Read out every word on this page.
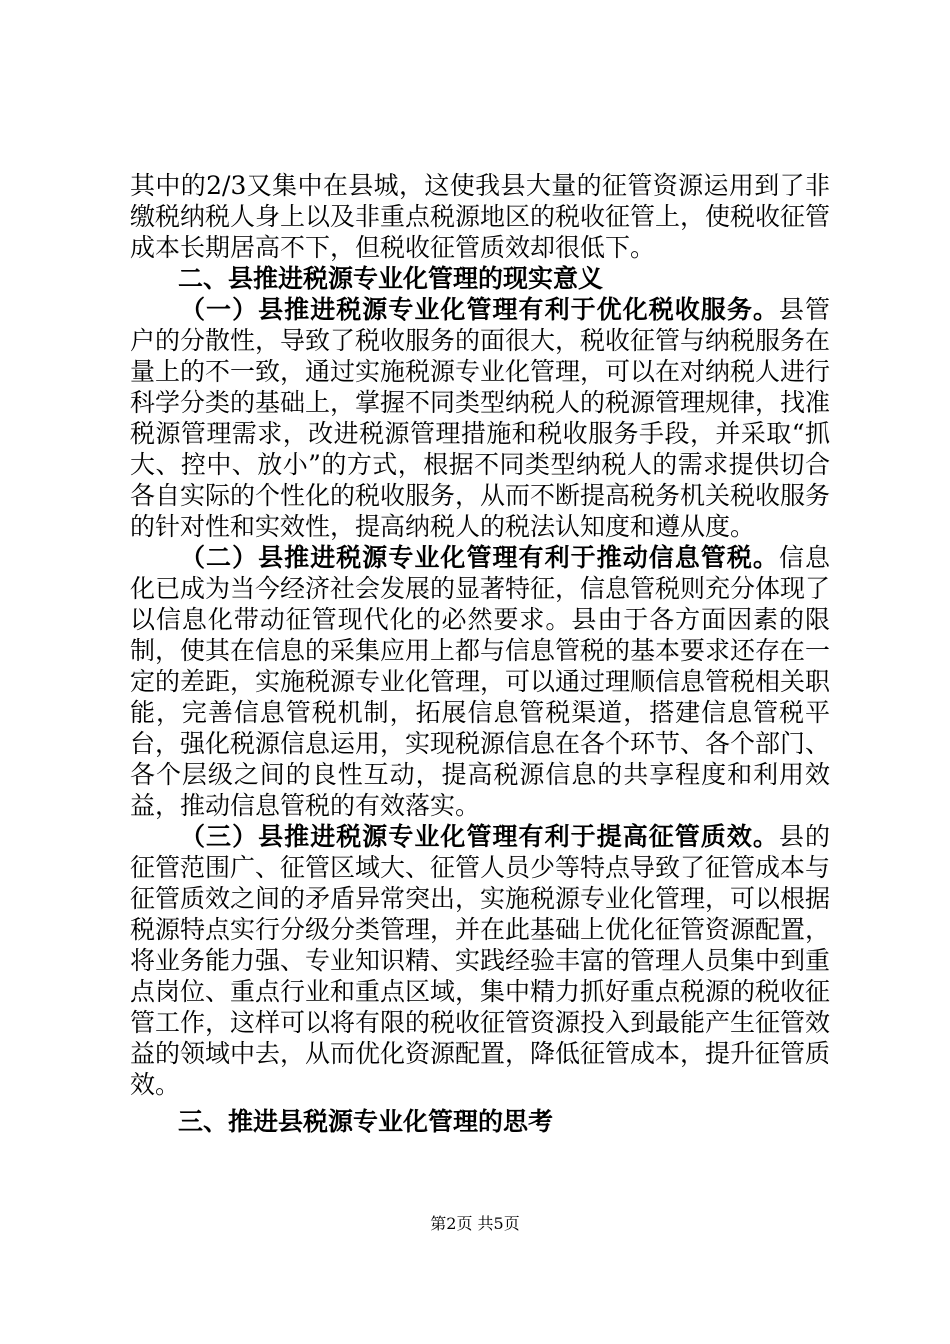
其中的2/3又集中在县城，这使我县大量的征管资源运用到了非缴税纳税人身上以及非重点税源地区的税收征管上，使税收征管成本长期居高不下，但税收征管质效却很低下。

二、县推进税源专业化管理的现实意义

（一）县推进税源专业化管理有利于优化税收服务。县管户的分散性，导致了税收服务的面很大，税收征管与纳税服务在量上的不一致，通过实施税源专业化管理，可以在对纳税人进行科学分类的基础上，掌握不同类型纳税人的税源管理规律，找准税源管理需求，改进税源管理措施和税收服务手段，并采取“抓大、控中、放小”的方式，根据不同类型纳税人的需求提供切合各自实际的个性化的税收服务，从而不断提高税务机关税收服务的针对性和实效性，提高纳税人的税法认知度和遵从度。

（二）县推进税源专业化管理有利于推动信息管税。信息化已成为当今经济社会发展的显著特征，信息管税则充分体现了以信息化带动征管现代化的必然要求。县由于各方面因素的限制，使其在信息的采集应用上都与信息管税的基本要求还存在一定的差距，实施税源专业化管理，可以通过理顺信息管税相关职能，完善信息管税机制，拓展信息管税渠道，搭建信息管税平台，强化税源信息运用，实现税源信息在各个环节、各个部门、各个层级之间的良性互动，提高税源信息的共享程度和利用效益，推动信息管税的有效落实。

（三）县推进税源专业化管理有利于提高征管质效。县的征管范围广、征管区域大、征管人员少等特点导致了征管成本与征管质效之间的矛盾异常突出，实施税源专业化管理，可以根据税源特点实行分级分类管理，并在此基础上优化征管资源配置，将业务能力强、专业知识精、实践经验丰富的管理人员集中到重点岗位、重点行业和重点区域，集中精力抓好重点税源的税收征管工作，这样可以将有限的税收征管资源投入到最能产生征管效益的领域中去，从而优化资源配置，降低征管成本，提升征管质效。

三、推进县税源专业化管理的思考

第2页 共5页
